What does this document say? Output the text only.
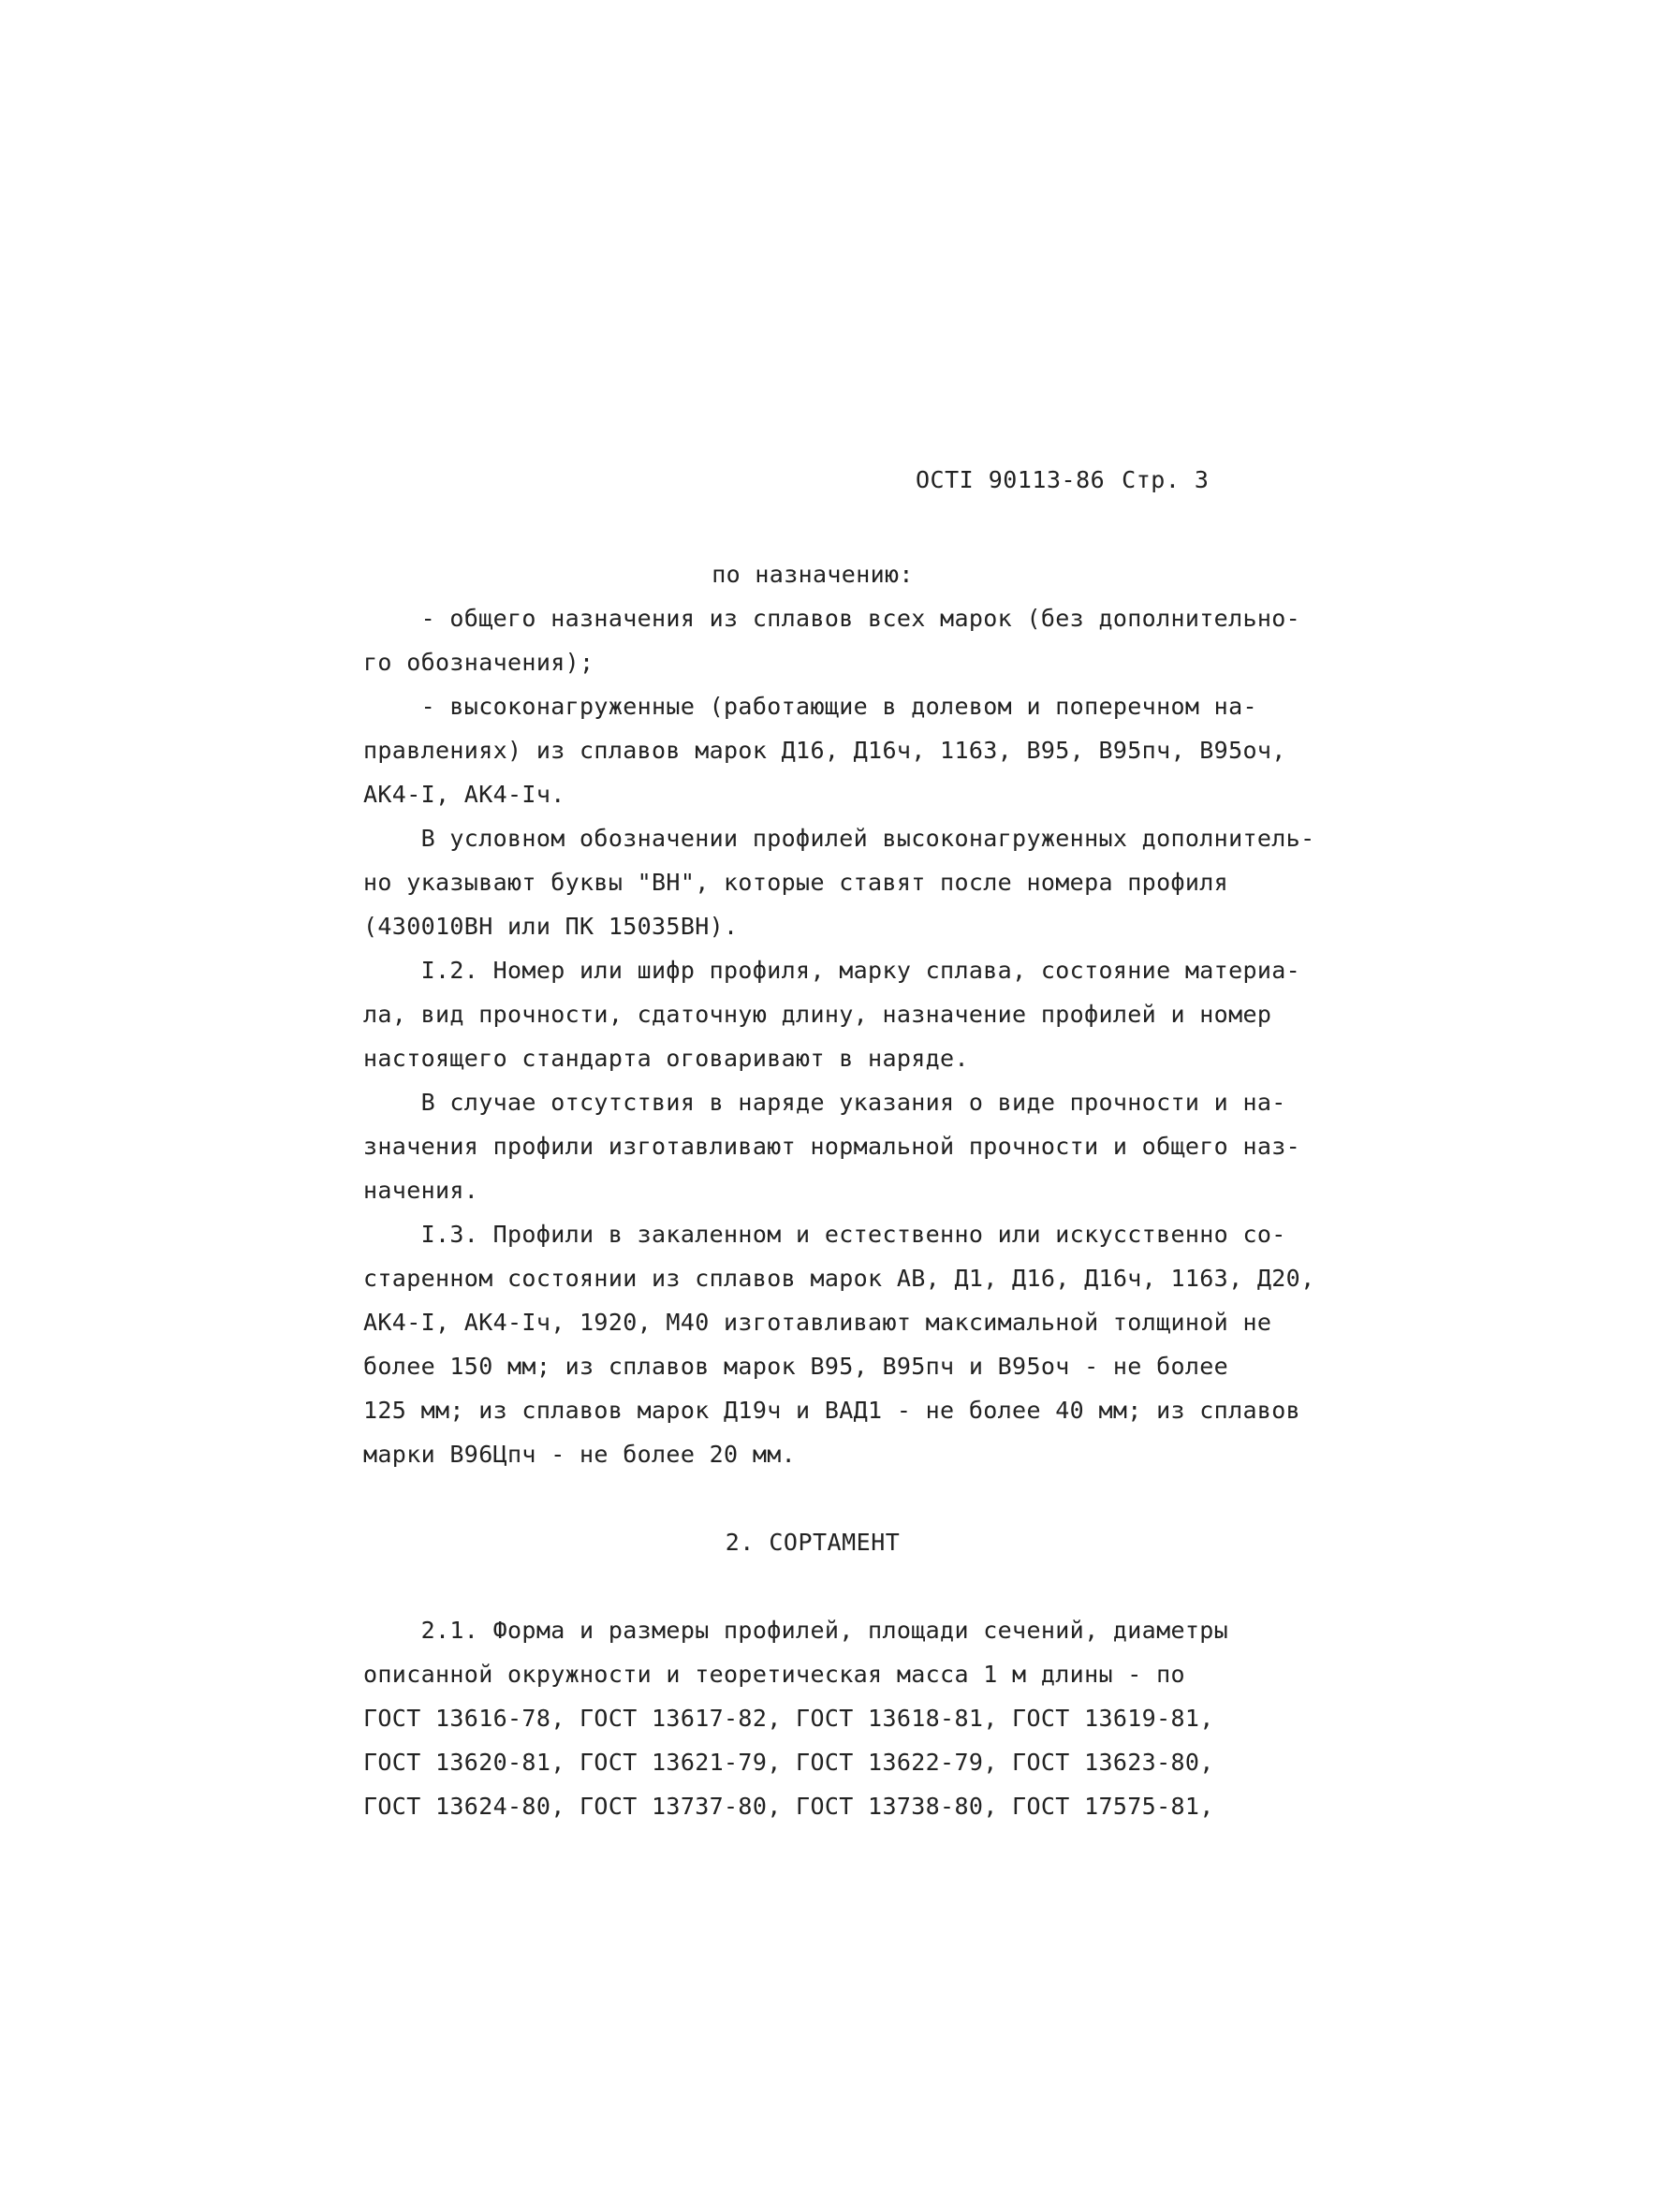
ОСТI 90113-86 Стр. 3
по назначению:
- общего назначения из сплавов всех марок (без дополнительно-
го обозначения);
- высоконагруженные (работающие в долевом и поперечном на-
правлениях) из сплавов марок Д16, Д16ч, 1163, В95, В95пч, В95оч,
АК4-I, АК4-Iч.
В условном обозначении профилей высоконагруженных дополнитель-
но указывают буквы "ВН", которые ставят после номера профиля
(430010ВН или ПК 15035ВН).
I.2. Номер или шифр профиля, марку сплава, состояние материа-
ла, вид прочности, сдаточную длину, назначение профилей и номер
настоящего стандарта оговаривают в наряде.
В случае отсутствия в наряде указания о виде прочности и на-
значения профили изготавливают нормальной прочности и общего наз-
начения.
I.3. Профили в закаленном и естественно или искусственно со-
старенном состоянии из сплавов марок АВ, Д1, Д16, Д16ч, 1163, Д20,
АК4-I, АК4-Iч, 1920, М40 изготавливают максимальной толщиной не
более 150 мм; из сплавов марок В95, В95пч и В95оч - не более
125 мм; из сплавов марок Д19ч и ВАД1 - не более 40 мм; из сплавов
марки В96Цпч - не более 20 мм.
2. СОРТАМЕНТ
2.1. Форма и размеры профилей, площади сечений, диаметры
описанной окружности и теоретическая масса 1 м длины - по
ГОСТ 13616-78, ГОСТ 13617-82, ГОСТ 13618-81, ГОСТ 13619-81,
ГОСТ 13620-81, ГОСТ 13621-79, ГОСТ 13622-79, ГОСТ 13623-80,
ГОСТ 13624-80, ГОСТ 13737-80, ГОСТ 13738-80, ГОСТ 17575-81,
